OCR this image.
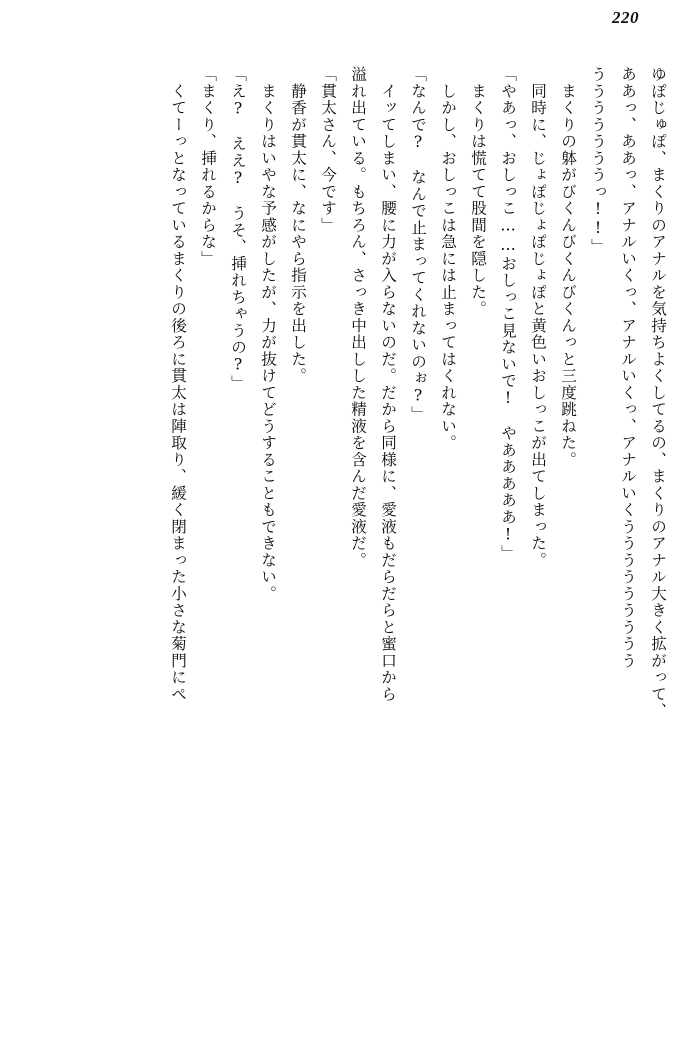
220
ゆぽじゅぽ、まくりのアナルを気持ちよくしてるの、まくりのアナル大きく拡がって、
ああっ、ああっ、アナルいくっ、アナルいくっ、アナルいくううううううううう
うううううううっ!!」
　まくりの躰がびくんびくんびくんっと三度跳ねた。
　同時に、じょぽじょぽじょぽと黄色いおしっこが出てしまった。
「やあっ、おしっこ……おしっこ見ないで!　やあああああ!」
　まくりは慌てて股間を隠した。
　しかし、おしっこは急には止まってはくれない。
「なんで?　なんで止まってくれないのぉ?」
　イッてしまい、腰に力が入らないのだ。だから同様に、愛液もだらだらと蜜口から
溢れ出ている。もちろん、さっき中出しした精液を含んだ愛液だ。
「貫太さん、今です」
　静香が貫太に、なにやら指示を出した。
　まくりはいやな予感がしたが、力が抜けてどうすることもできない。
「え?　ええ?　うそ、挿れちゃうの?」
「まくり、挿れるからな」
　くてーっとなっているまくりの後ろに貫太は陣取り、緩く閉まった小さな菊門にぺ
